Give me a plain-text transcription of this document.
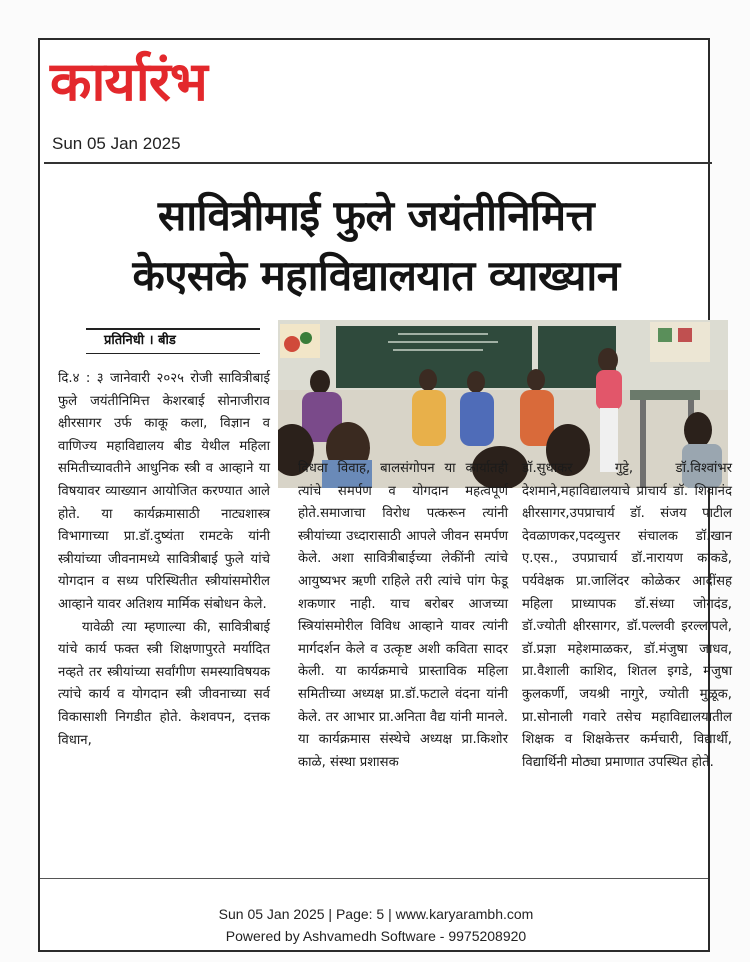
कार्यारंभ
Sun 05 Jan 2025
सावित्रीमाई फुले जयंतीनिमित्त
केएसके महाविद्यालयात व्याख्यान
प्रतिनिधी । बीड

दि.४ : ३ जानेवारी २०२५ रोजी सावित्रीबाई फुले जयंतीनिमित्त केशरबाई सोनाजीराव क्षीरसागर उर्फ काकू कला, विज्ञान व वाणिज्य महाविद्यालय बीड येथील महिला समितीच्यावतीने आधुनिक स्त्री व आव्हाने या विषयावर व्याख्यान आयोजित करण्यात आले होते. या कार्यक्रमासाठी नाट्यशास्त्र विभागाच्या प्रा.डॉ.दुष्यंता रामटके यांनी स्त्रीयांच्या जीवनामध्ये सावित्रीबाई फुले यांचे योगदान व सध्य परिस्थितीत स्त्रीयांसमोरील आव्हाने यावर अतिशय मार्मिक संबोधन केले.

यावेळी त्या म्हणाल्या की, सावित्रीबाई यांचे कार्य फक्त स्त्री शिक्षणापुरते मर्यादित नव्हते तर स्त्रीयांच्या सर्वांगीण समस्याविषयक त्यांचे कार्य व योगदान स्त्री जीवनाच्या सर्व विकासाशी निगडीत होते. केशवपन, दत्तक विधान,

विधवा विवाह, बालसंगोपन या कार्यातही त्यांचे समर्पण व योगदान महत्वपूर्ण होते.समाजाचा विरोध पत्करून त्यांनी स्त्रीयांच्या उध्दारासाठी आपले जीवन समर्पण केले. अशा सावित्रीबाईच्या लेकींनी त्यांचे आयुष्यभर ऋणी राहिले तरी त्यांचे पांग फेडू शकणार नाही. याच बरोबर आजच्या स्त्रियांसमोरील विविध आव्हाने यावर त्यांनी मार्गदर्शन केले व उत्कृष्ट अशी कविता सादर केली. या कार्यक्रमाचे प्रास्ताविक महिला समितीच्या अध्यक्ष प्रा.डॉ.फटाले वंदना यांनी केले. तर आभार प्रा.अनिता वैद्य यांनी मानले. या कार्यक्रमास संस्थेचे अध्यक्ष प्रा.किशोर काळे, संस्था प्रशासक

डॉ.सुधाकर गुट्टे, डॉ.विश्वांभर देशमाने,महाविद्यालयाचे प्राचार्य डॉ. शिवानंद क्षीरसागर,उपप्राचार्य डॉ. संजय पाटील देवळाणकर,पदव्युत्तर संचालक डॉ.खान ए.एस., उपप्राचार्य डॉ.नारायण काकडे, पर्यवेक्षक प्रा.जालिंदर कोळेकर आदींसह महिला प्राध्यापक डॉ.संध्या जोगदंड, डॉ.ज्योती क्षीरसागर, डॉ.पल्लवी इरल्लापले, डॉ.प्रज्ञा महेशमाळकर, डॉ.मंजुषा जाधव, प्रा.वैशाली काशिद, शितल इगडे, मंजुषा कुलकर्णी, जयश्री नागुरे, ज्योती मुळूक, प्रा.सोनाली गवारे तसेच महाविद्यालयातील शिक्षक व शिक्षकेत्तर कर्मचारी, विद्यार्थी, विद्यार्थिनी मोठ्या प्रमाणात उपस्थित होते.

Sun 05 Jan 2025 | Page: 5 | www.karyarambh.com
Powered by Ashvamedh Software - 9975208920
